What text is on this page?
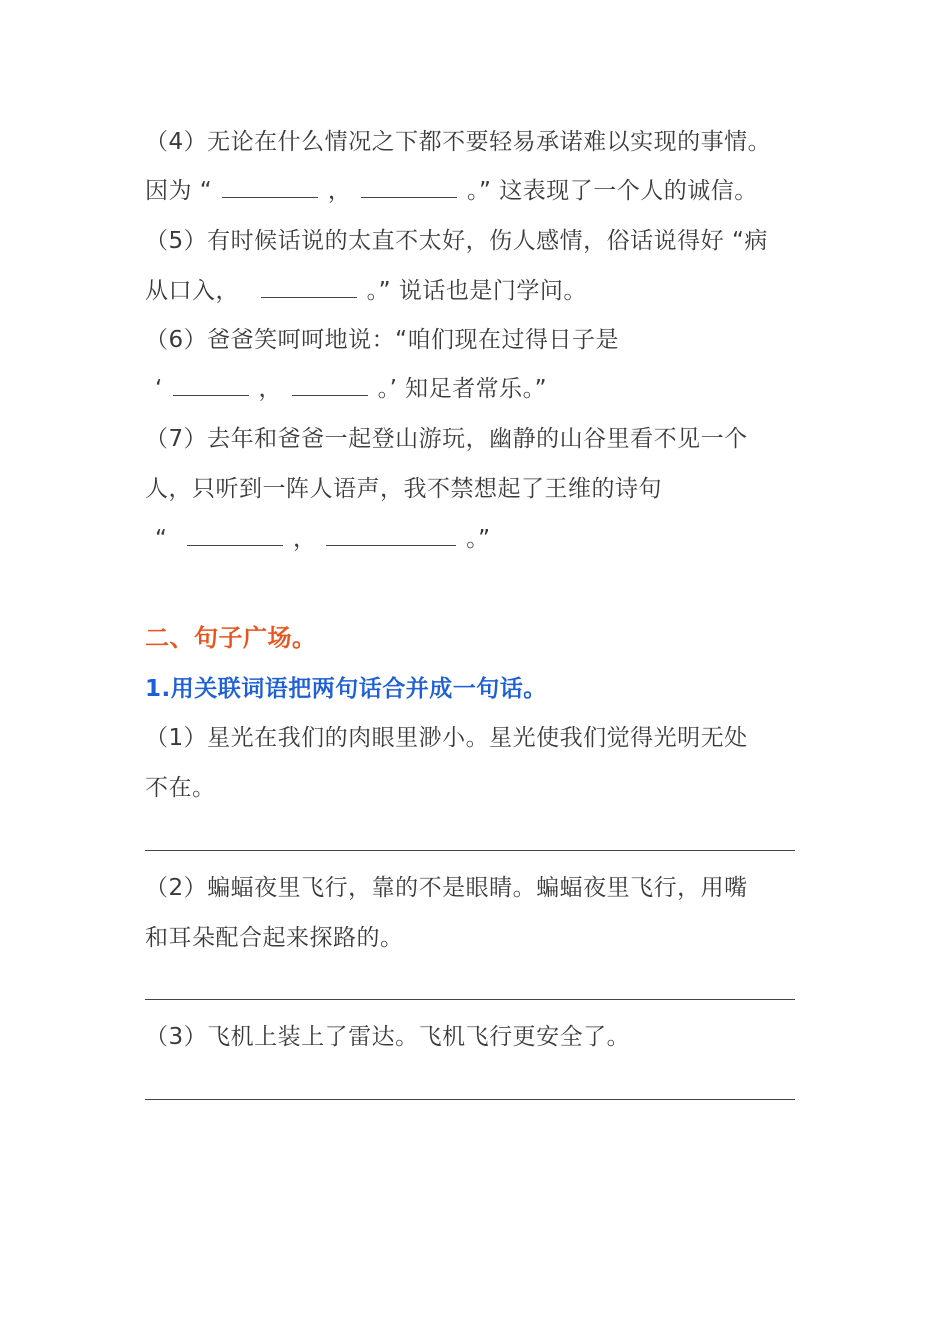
（4）无论在什么情况之下都不要轻易承诺难以实现的事情。
因为 “	，	。” 这表现了一个人的诚信。
（5）有时候话说的太直不太好，伤人感情，俗话说得好 “病
从口入，	。” 说话也是门学问。
（6）爸爸笑呵呵地说：“咱们现在过得日子是
‘	，	。’ 知足者常乐。”
（7）去年和爸爸一起登山游玩，幽静的山谷里看不见一个
人，只听到一阵人语声，我不禁想起了王维的诗句
“	，	。”
二、句子广场。
1.用关联词语把两句话合并成一句话。
（1）星光在我们的肉眼里渺小。星光使我们觉得光明无处
不在。
（2）蝙蝠夜里飞行，靠的不是眼睛。蝙蝠夜里飞行，用嘴
和耳朵配合起来探路的。
（3）飞机上装上了雷达。飞机飞行更安全了。
